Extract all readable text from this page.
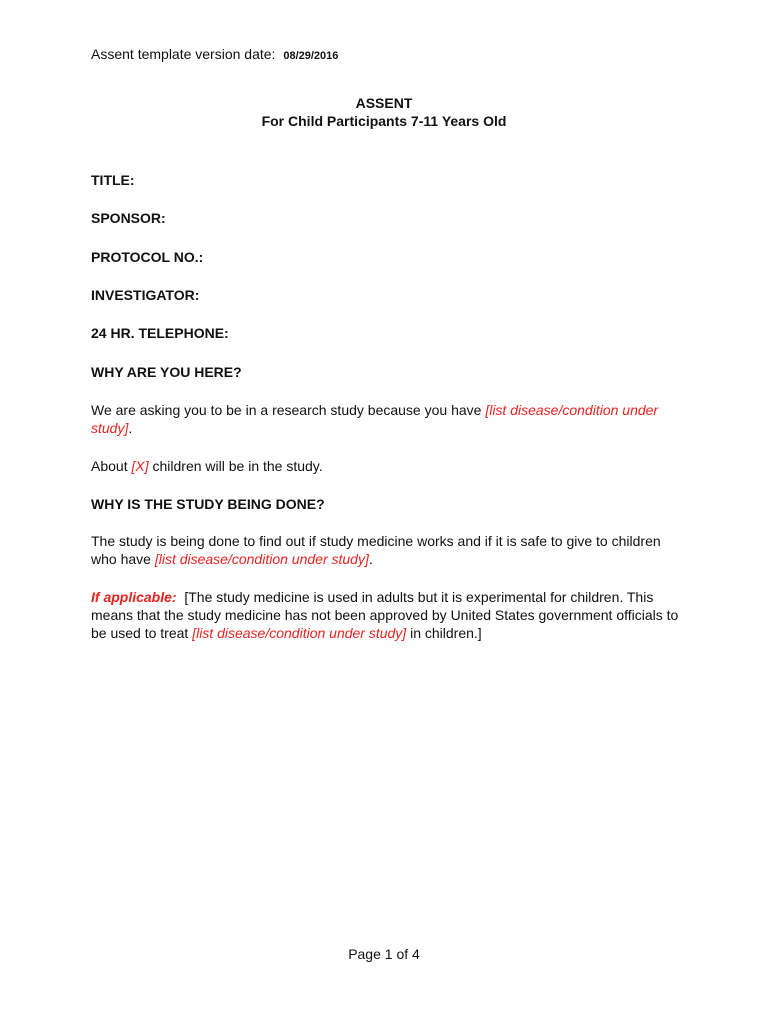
Assent template version date: 08/29/2016
ASSENT
For Child Participants 7-11 Years Old
TITLE:
SPONSOR:
PROTOCOL NO.:
INVESTIGATOR:
24 HR. TELEPHONE:
WHY ARE YOU HERE?
We are asking you to be in a research study because you have [list disease/condition under study].
About [X] children will be in the study.
WHY IS THE STUDY BEING DONE?
The study is being done to find out if study medicine works and if it is safe to give to children who have [list disease/condition under study].
If applicable:  [The study medicine is used in adults but it is experimental for children. This means that the study medicine has not been approved by United States government officials to be used to treat [list disease/condition under study] in children.]
Page 1 of 4
